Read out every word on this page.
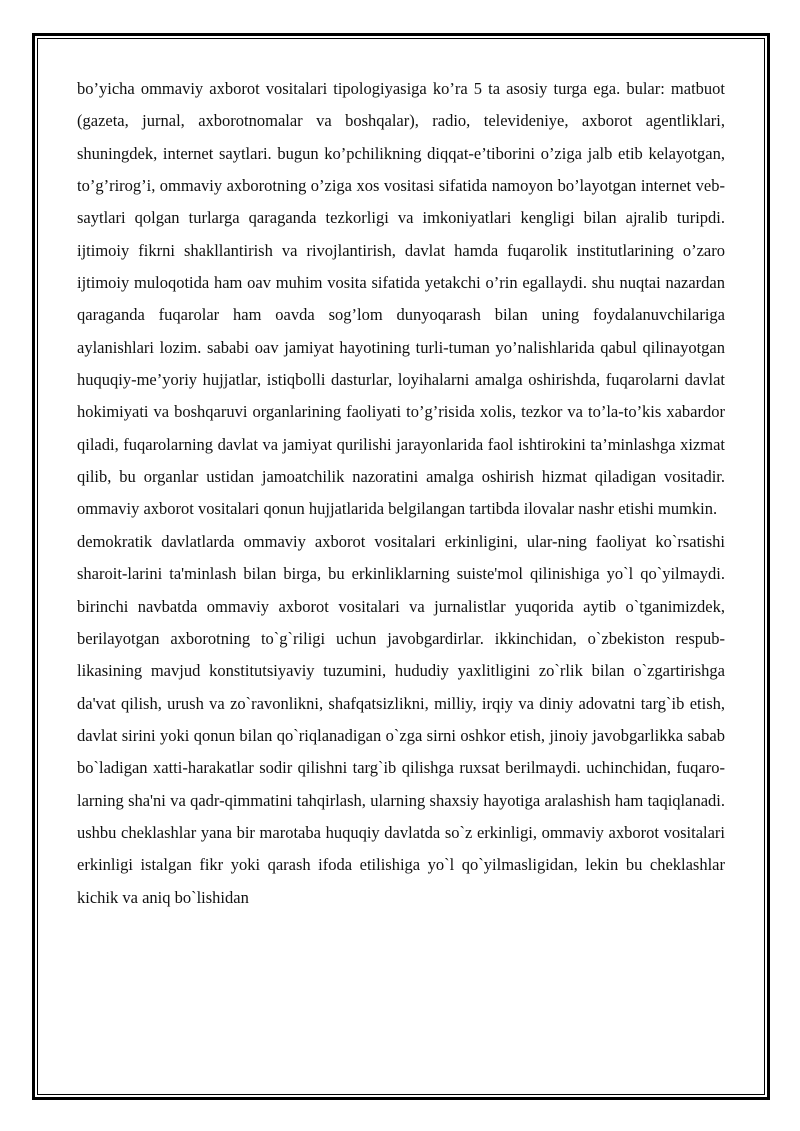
bo’yicha ommaviy axborot vositalari tipologiyasiga ko’ra 5 ta asosiy turga ega. bular: matbuot (gazeta, jurnal, axborotnomalar va boshqalar), radio, televideniye, axborot agentliklari, shuningdek, internet saytlari. bugun ko’pchilikning diqqat-e’tiborini o’ziga jalb etib kelayotgan, to’g’rirog’i, ommaviy axborotning o’ziga xos vositasi sifatida namoyon bo’layotgan internet veb-saytlari qolgan turlarga qaraganda tezkorligi va imkoniyatlari kengligi bilan ajralib turipdi. ijtimoiy fikrni shakllantirish va rivojlantirish, davlat hamda fuqarolik institutlarining o’zaro ijtimoiy muloqotida ham oav muhim vosita sifatida yetakchi o’rin egallaydi. shu nuqtai nazardan qaraganda fuqarolar ham oavda sog’lom dunyoqarash bilan uning foydalanuvchilariga aylanishlari lozim. sababi oav jamiyat hayotining turli-tuman yo’nalishlarida qabul qilinayotgan huquqiy-me’yoriy hujjatlar, istiqbolli dasturlar, loyihalarni amalga oshirishda, fuqarolarni davlat hokimiyati va boshqaruvi organlarining faoliyati to’g’risida xolis, tezkor va to’la-to’kis xabardor qiladi, fuqarolarning davlat va jamiyat qurilishi jarayonlarida faol ishtirokini ta’minlashga xizmat qilib, bu organlar ustidan jamoatchilik nazoratini amalga oshirish hizmat qiladigan vositadir. ommaviy axborot vositalari qonun hujjatlarida belgilangan tartibda ilovalar nashr etishi mumkin.

demokratik davlatlarda ommaviy axborot vositalari erkinligini, ular-ning faoliyat ko`rsatishi sharoit-larini ta'minlash bilan birga, bu erkinliklarning suiste'mol qilinishiga yo`l qo`yilmaydi. birinchi navbatda ommaviy axborot vositalari va jurnalistlar yuqorida aytib o`tganimizdek, berilayotgan axborotning to`g`riligi uchun javobgardirlar. ikkinchidan, o`zbekiston respub-likasining mavjud konstitutsiyaviy tuzumini, hududiy yaxlitligini zo`rlik bilan o`zgartirishga da'vat qilish, urush va zo`ravonlikni, shafqatsizlikni, milliy, irqiy va diniy adovatni targ`ib etish, davlat sirini yoki qonun bilan qo`riqlanadigan o`zga sirni oshkor etish, jinoiy javobgarlikka sabab bo`ladigan xatti-harakatlar sodir qilishni targ`ib qilishga ruxsat berilmaydi. uchinchidan, fuqaro-larning sha'ni va qadr-qimmatini tahqirlash, ularning shaxsiy hayotiga aralashish ham taqiqlanadi. ushbu cheklashlar yana bir marotaba huquqiy davlatda so`z erkinligi, ommaviy axborot vositalari erkinligi istalgan fikr yoki qarash ifoda etilishiga yo`l qo`yilmasligidan, lekin bu cheklashlar kichik va aniq bo`lishidan
